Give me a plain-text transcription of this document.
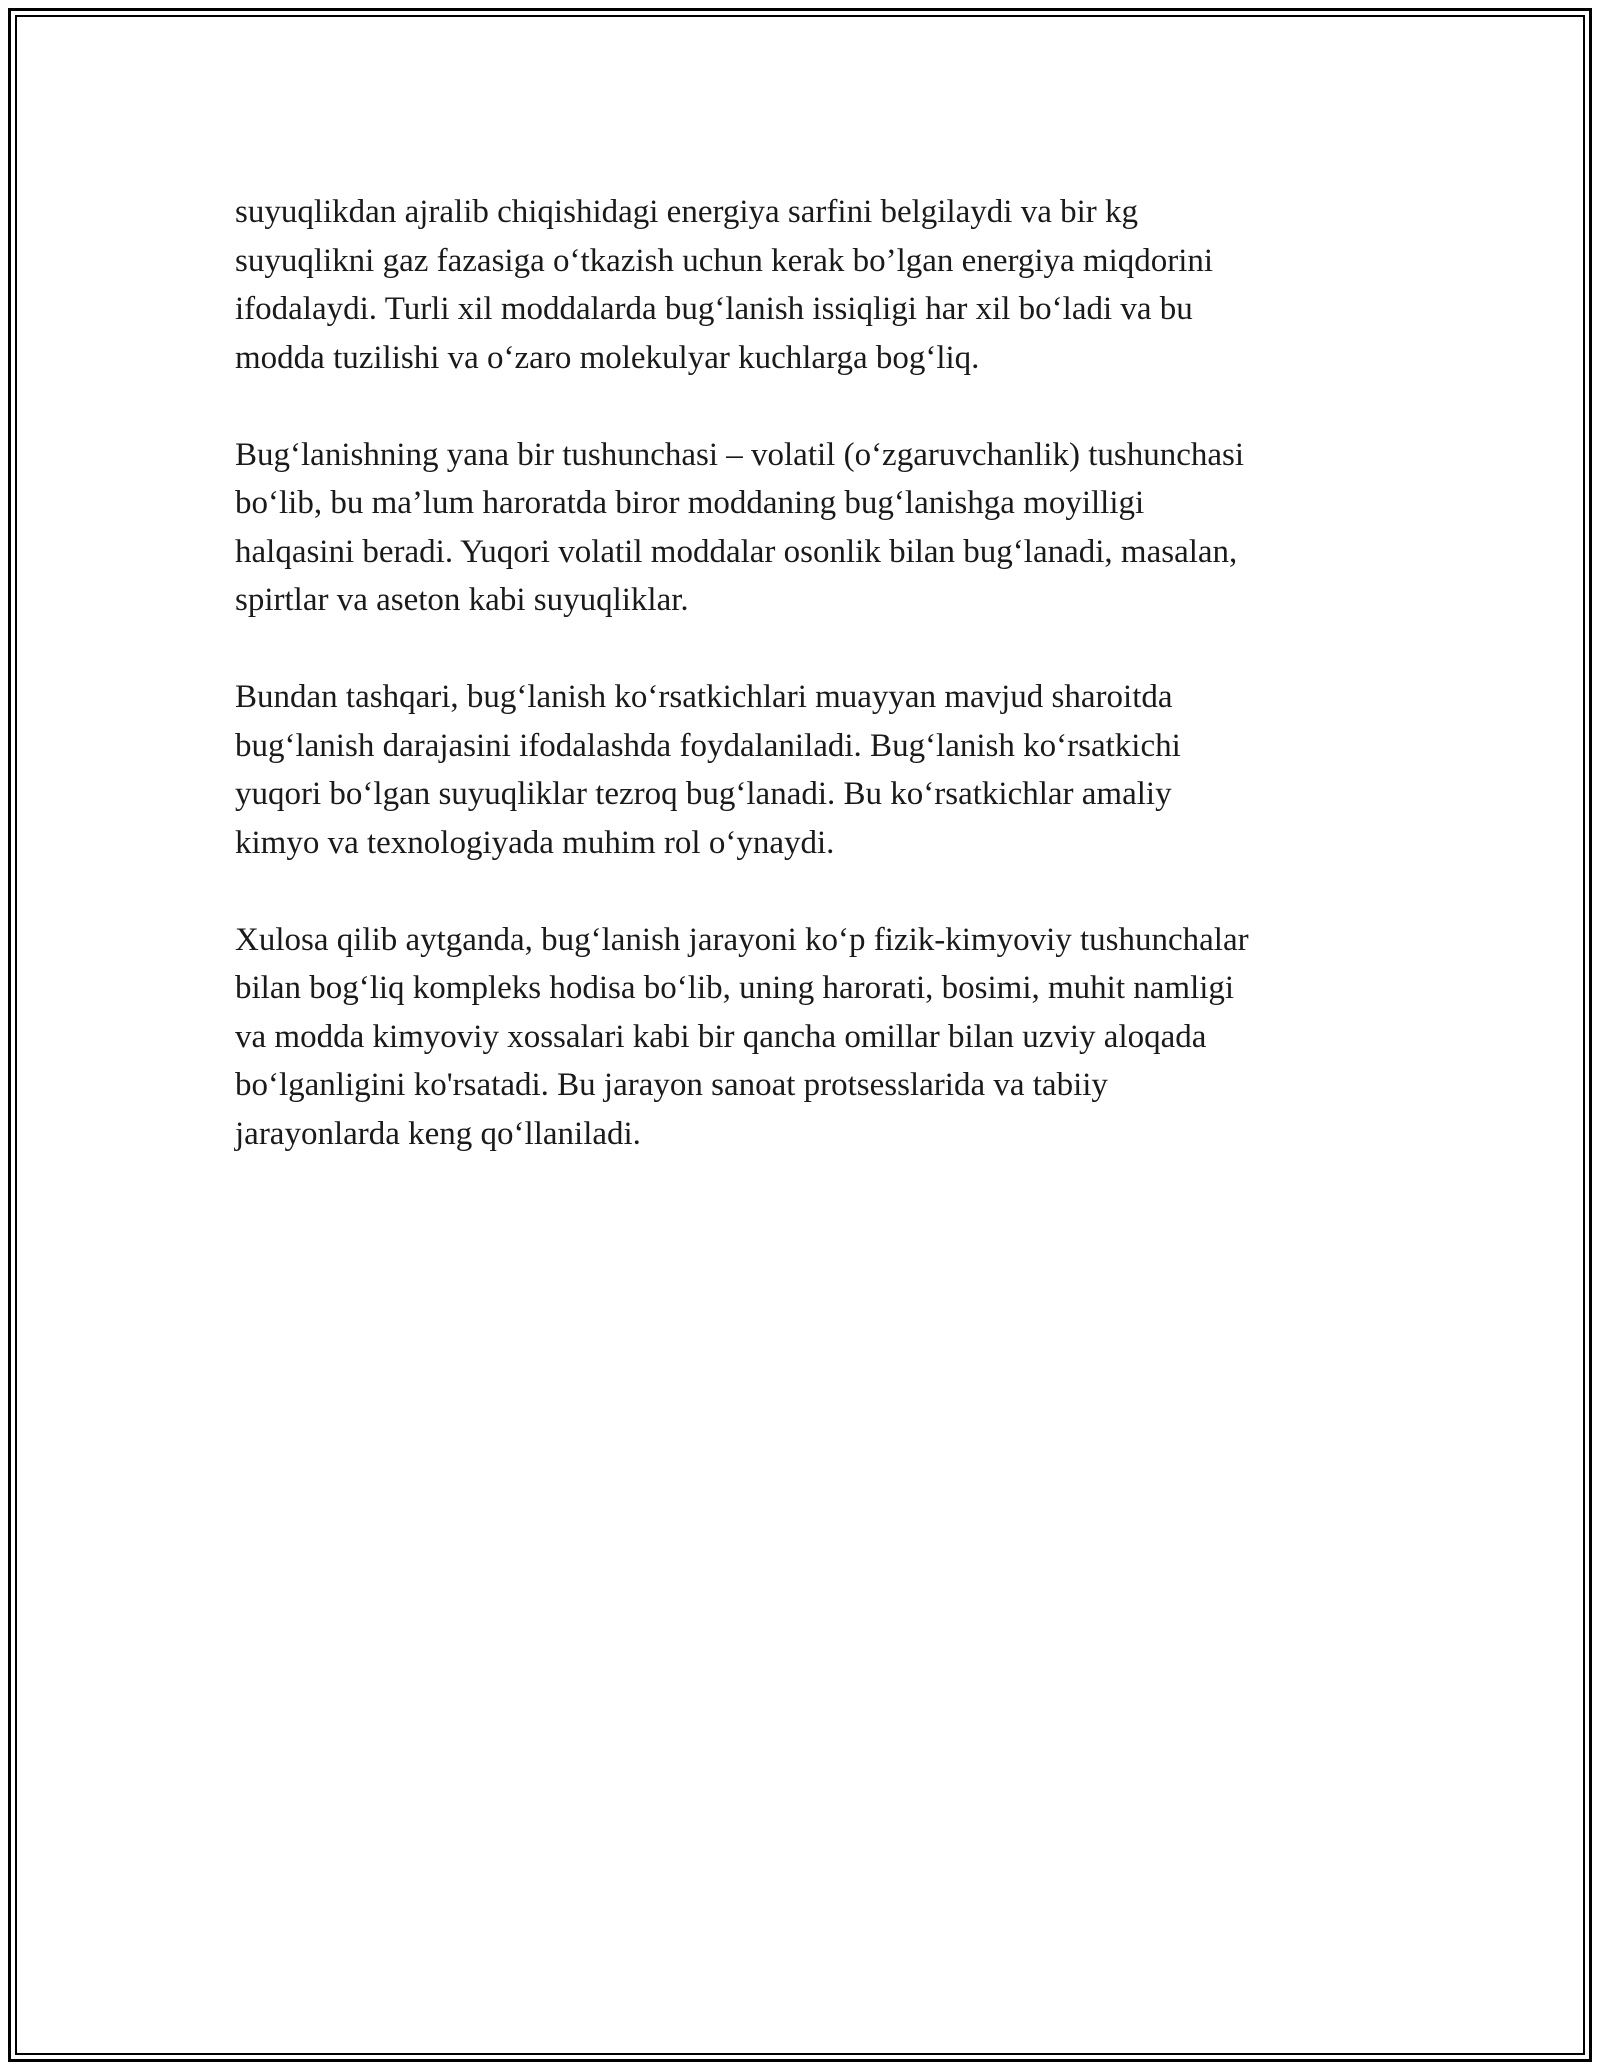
suyuqlikdan ajralib chiqishidagi energiya sarfini belgilaydi va bir kg
suyuqlikni gaz fazasiga o‘tkazish uchun kerak bo’lgan energiya miqdorini
ifodalaydi. Turli xil moddalarda bug‘lanish issiqligi har xil bo‘ladi va bu
modda tuzilishi va o‘zaro molekulyar kuchlarga bog‘liq.

Bug‘lanishning yana bir tushunchasi – volatil (o‘zgaruvchanlik) tushunchasi
bo‘lib, bu ma’lum haroratda biror moddaning bug‘lanishga moyilligi
halqasini beradi. Yuqori volatil moddalar osonlik bilan bug‘lanadi, masalan,
spirtlar va aseton kabi suyuqliklar.

Bundan tashqari, bug‘lanish ko‘rsatkichlari muayyan mavjud sharoitda
bug‘lanish darajasini ifodalashda foydalaniladi. Bug‘lanish ko‘rsatkichi
yuqori bo‘lgan suyuqliklar tezroq bug‘lanadi. Bu ko‘rsatkichlar amaliy
kimyo va texnologiyada muhim rol o‘ynaydi.

Xulosa qilib aytganda, bug‘lanish jarayoni ko‘p fizik-kimyoviy tushunchalar
bilan bog‘liq kompleks hodisa bo‘lib, uning harorati, bosimi, muhit namligi
va modda kimyoviy xossalari kabi bir qancha omillar bilan uzviy aloqada
bo‘lganligini ko'rsatadi. Bu jarayon sanoat protsesslarida va tabiiy
jarayonlarda keng qo‘llaniladi.
